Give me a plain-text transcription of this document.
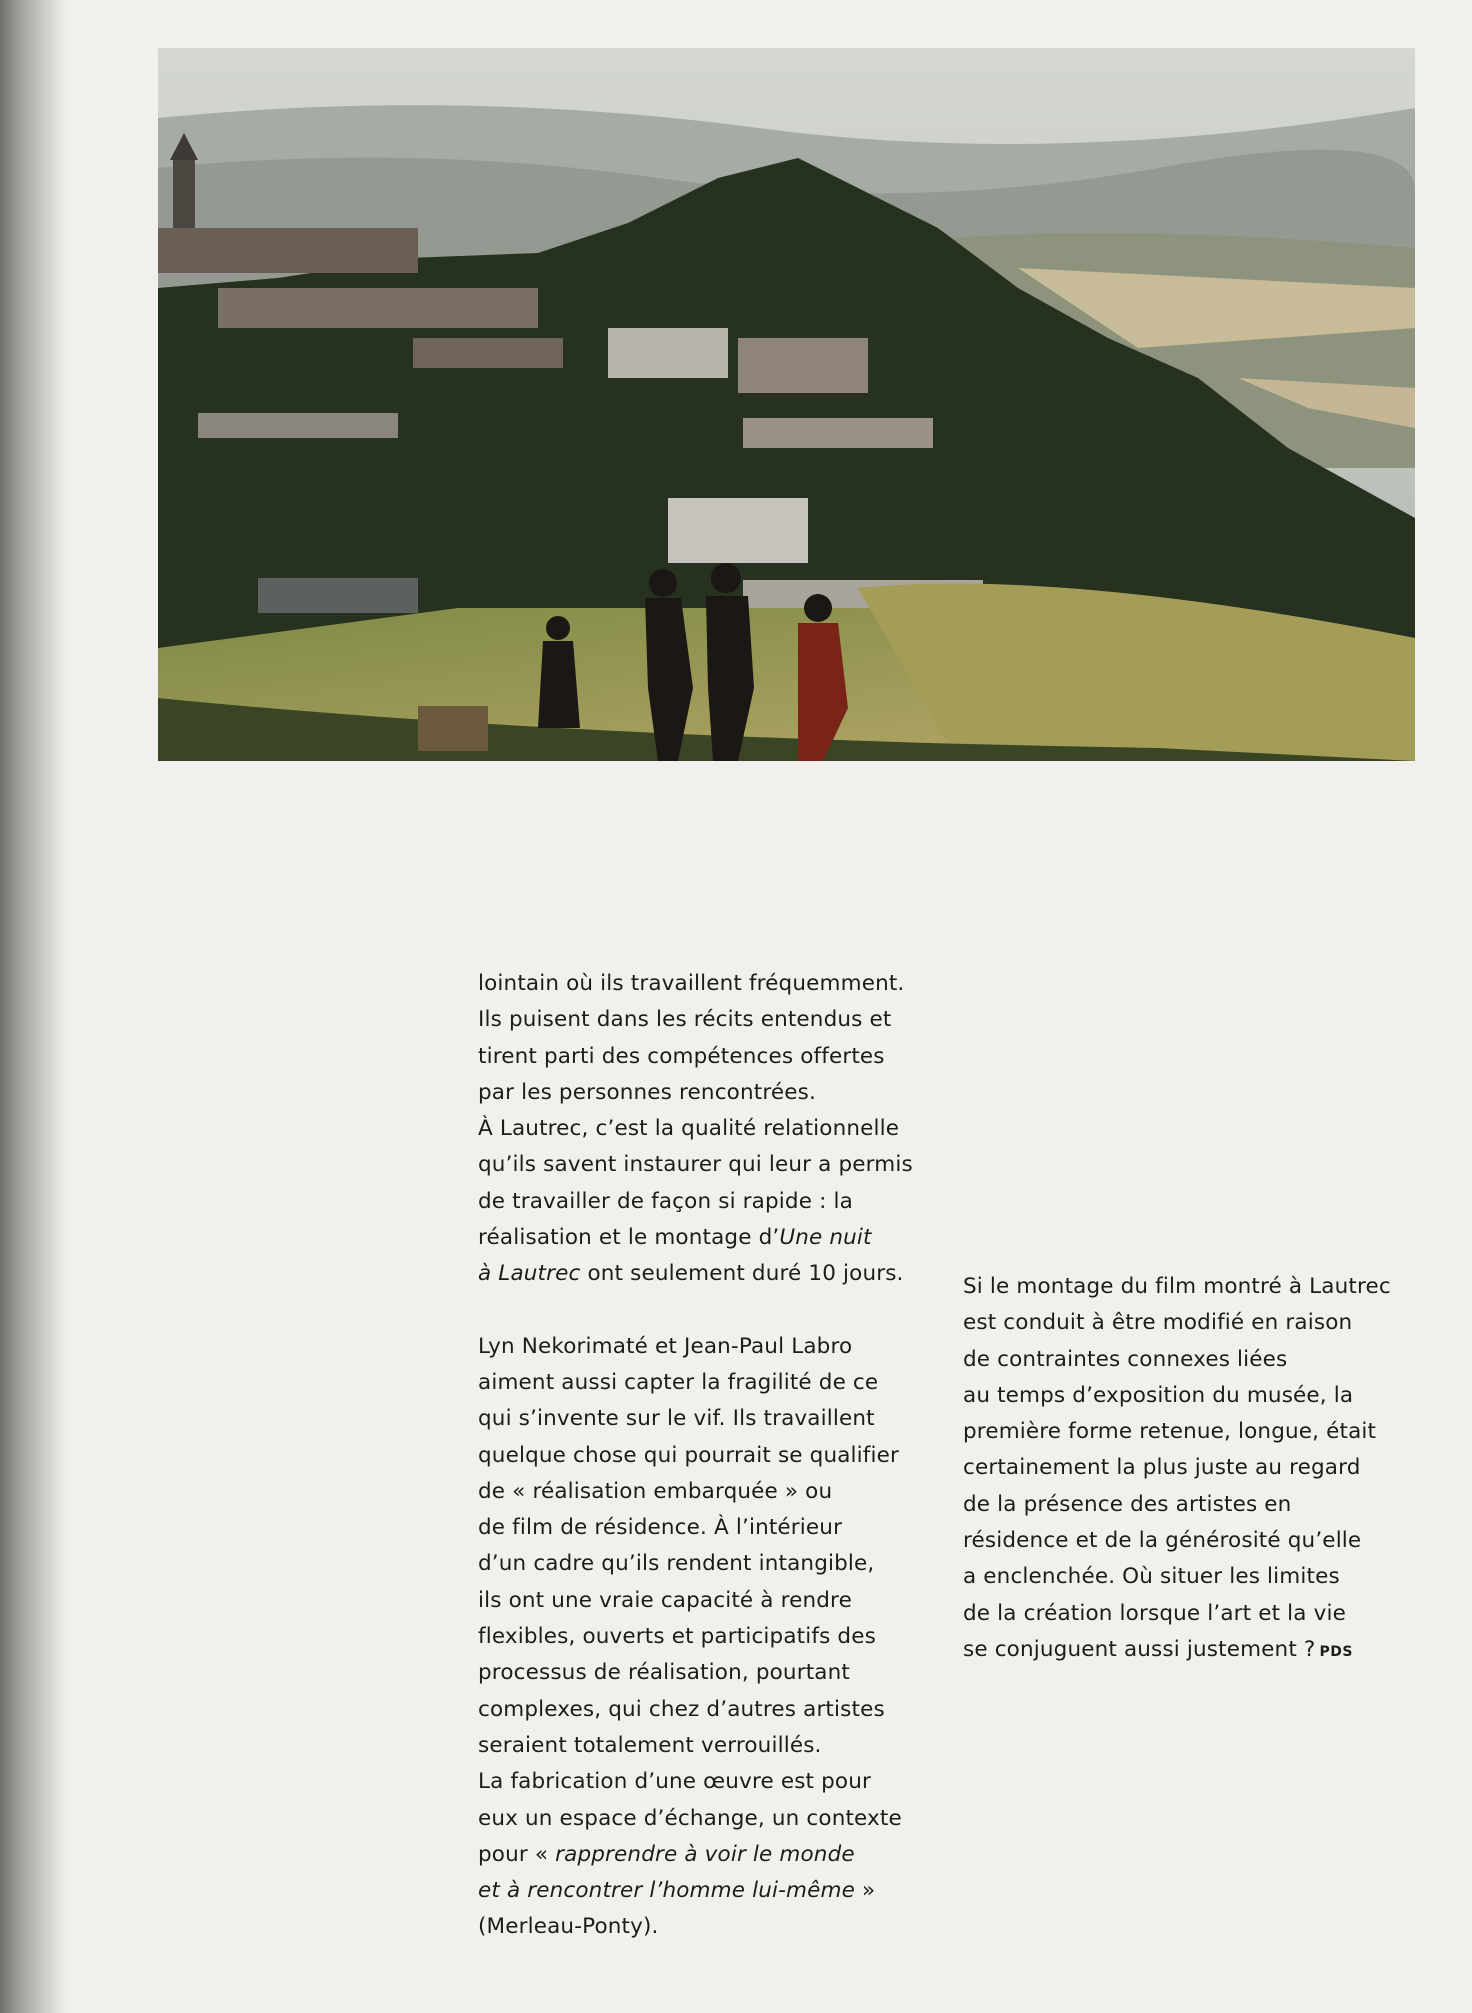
lointain où ils travaillent fréquemment.
Ils puisent dans les récits entendus et
tirent parti des compétences offertes
par les personnes rencontrées.
À Lautrec, c’est la qualité relationnelle
qu’ils savent instaurer qui leur a permis
de travailler de façon si rapide : la
réalisation et le montage d’Une nuit
à Lautrec ont seulement duré 10 jours.

Lyn Nekorimaté et Jean-Paul Labro
aiment aussi capter la fragilité de ce
qui s’invente sur le vif. Ils travaillent
quelque chose qui pourrait se qualifier
de « réalisation embarquée » ou
de film de résidence. À l’intérieur
d’un cadre qu’ils rendent intangible,
ils ont une vraie capacité à rendre
flexibles, ouverts et participatifs des
processus de réalisation, pourtant
complexes, qui chez d’autres artistes
seraient totalement verrouillés.
La fabrication d’une œuvre est pour
eux un espace d’échange, un contexte
pour « rapprendre à voir le monde
et à rencontrer l’homme lui-même »
(Merleau-Ponty).

Si le montage du film montré à Lautrec
est conduit à être modifié en raison
de contraintes connexes liées
au temps d’exposition du musée, la
première forme retenue, longue, était
certainement la plus juste au regard
de la présence des artistes en
résidence et de la générosité qu’elle
a enclenchée. Où situer les limites
de la création lorsque l’art et la vie
se conjuguent aussi justement ? PDS
